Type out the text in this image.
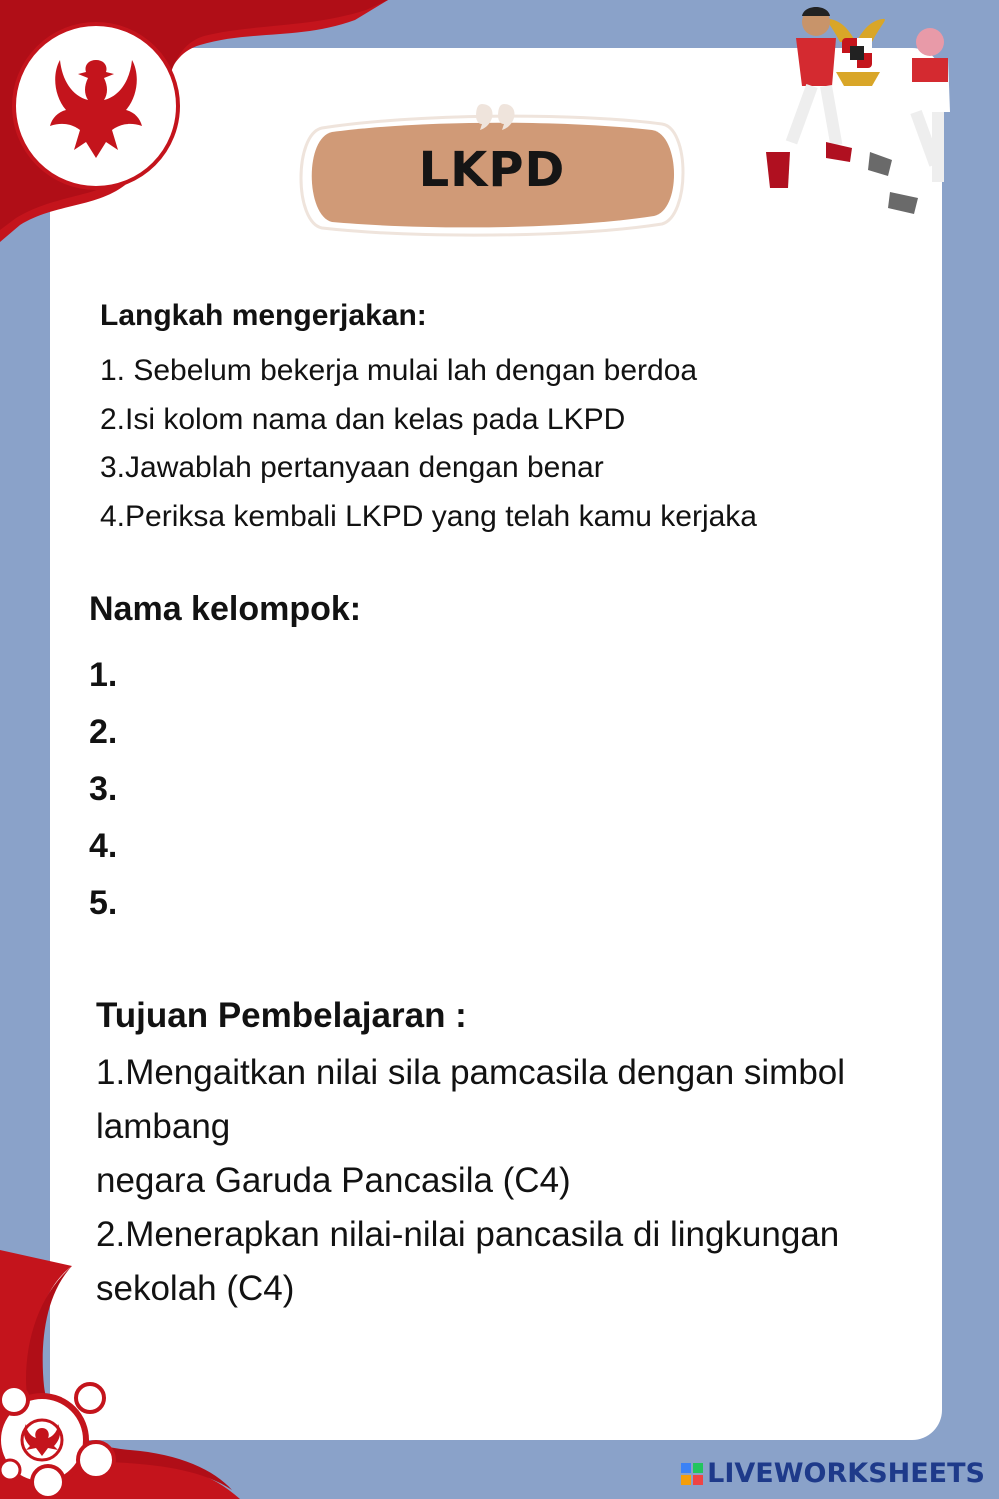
LKPD
Langkah mengerjakan:
1. Sebelum bekerja mulai lah dengan berdoa
2.Isi kolom nama dan kelas pada LKPD
3.Jawablah pertanyaan dengan benar
4.Periksa kembali LKPD yang telah kamu kerjaka
Nama kelompok:
1.
2.
3.
4.
5.
Tujuan Pembelajaran :
1.Mengaitkan nilai sila pamcasila dengan simbol lambang
negara Garuda Pancasila (C4)
2.Menerapkan nilai-nilai pancasila di lingkungan sekolah (C4)
LIVEWORKSHEETS
